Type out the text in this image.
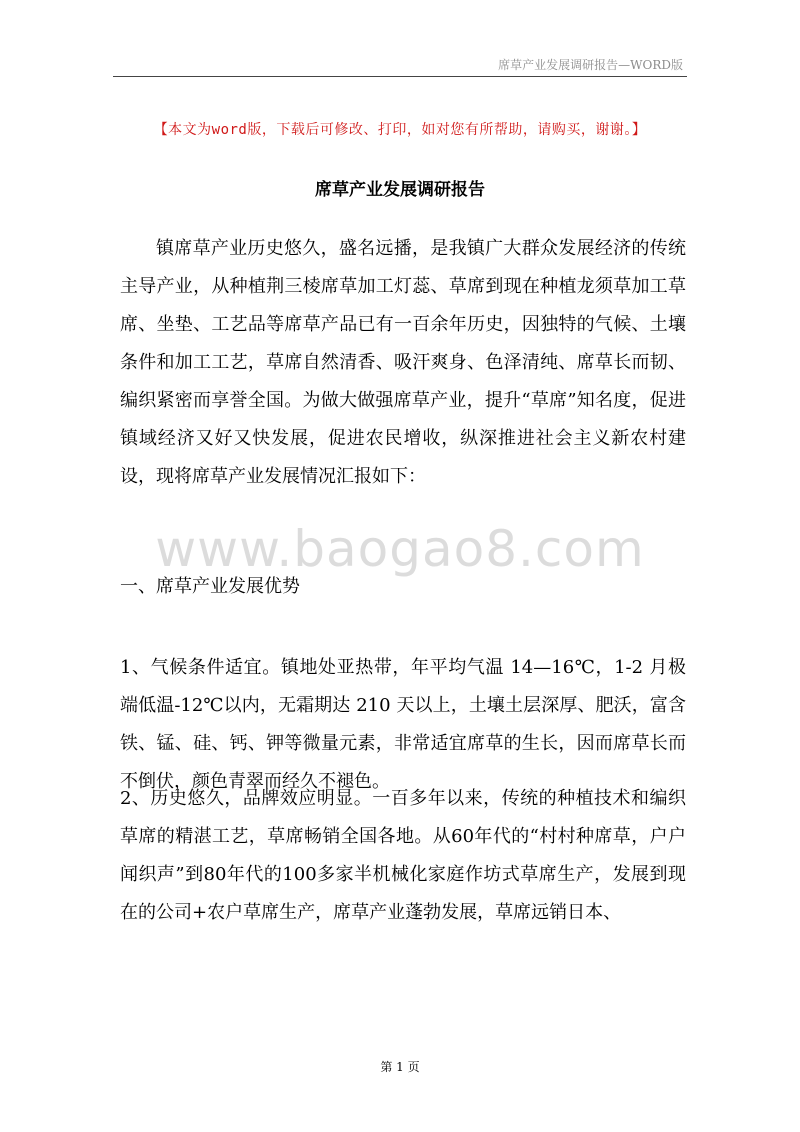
席草产业发展调研报告—WORD版
【本文为word版，下载后可修改、打印，如对您有所帮助，请购买，谢谢。】
席草产业发展调研报告
镇席草产业历史悠久，盛名远播，是我镇广大群众发展经济的传统主导产业，从种植荆三棱席草加工灯蕊、草席到现在种植龙须草加工草席、坐垫、工艺品等席草产品已有一百余年历史，因独特的气候、土壤条件和加工工艺，草席自然清香、吸汗爽身、色泽清纯、席草长而韧、编织紧密而享誉全国。为做大做强席草产业，提升“草席”知名度，促进镇域经济又好又快发展，促进农民增收，纵深推进社会主义新农村建设，现将席草产业发展情况汇报如下：
www.baogao8.com
一、席草产业发展优势
1、气候条件适宜。镇地处亚热带，年平均气温 14—16℃，1-2 月极端低温-12℃以内，无霜期达 210 天以上，土壤土层深厚、肥沃，富含铁、锰、硅、钙、钾等微量元素，非常适宜席草的生长，因而席草长而不倒伏，颜色青翠而经久不褪色。
2、历史悠久，品牌效应明显。一百多年以来，传统的种植技术和编织草席的精湛工艺，草席畅销全国各地。从60年代的“村村种席草，户户闻织声”到80年代的100多家半机械化家庭作坊式草席生产，发展到现在的公司+农户草席生产，席草产业蓬勃发展，草席远销日本、
第 1 页
